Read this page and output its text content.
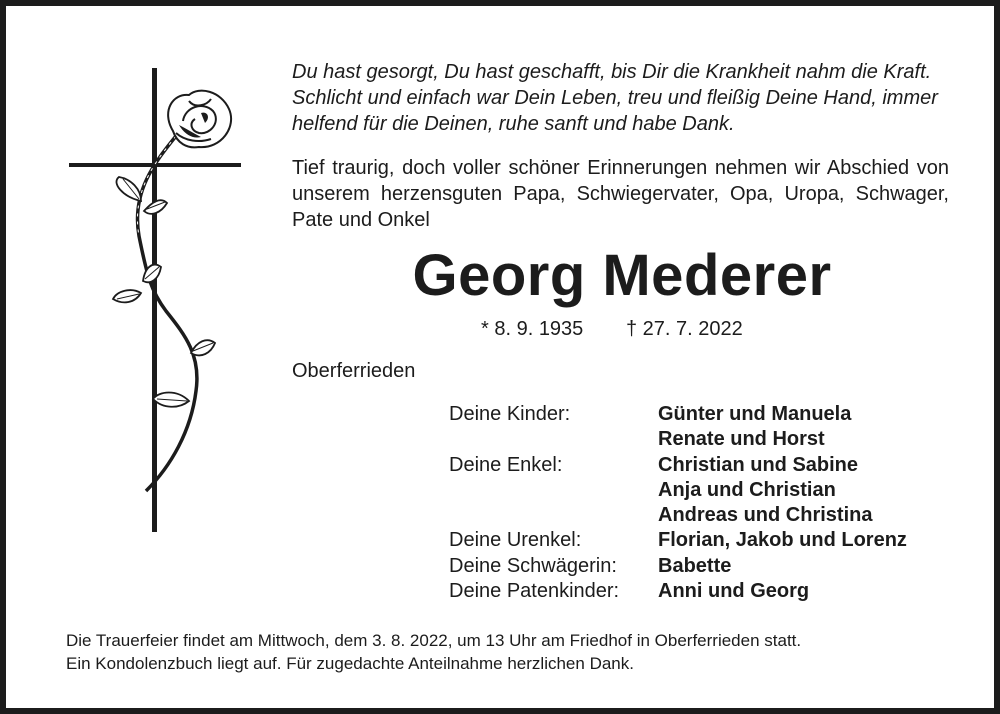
Du hast gesorgt, Du hast geschafft, bis Dir die Krankheit nahm die Kraft. Schlicht und einfach war Dein Leben, treu und fleißig Deine Hand, immer helfend für die Deinen, ruhe sanft und habe Dank.
Tief traurig, doch voller schöner Erinnerungen nehmen wir Abschied von unserem herzensguten Papa, Schwiegervater, Opa, Uropa, Schwager, Pate und Onkel
Georg Mederer
* 8. 9. 1935 † 27. 7. 2022
Oberferrieden
Deine Kinder:	Günter und Manuela
Renate und Horst
Deine Enkel:	Christian und Sabine
Anja und Christian
Andreas und Christina
Deine Urenkel:	Florian, Jakob und Lorenz
Deine Schwägerin:	Babette
Deine Patenkinder:	Anni und Georg
Die Trauerfeier findet am Mittwoch, dem 3. 8. 2022, um 13 Uhr am Friedhof in Oberferrieden statt.
Ein Kondolenzbuch liegt auf. Für zugedachte Anteilnahme herzlichen Dank.
